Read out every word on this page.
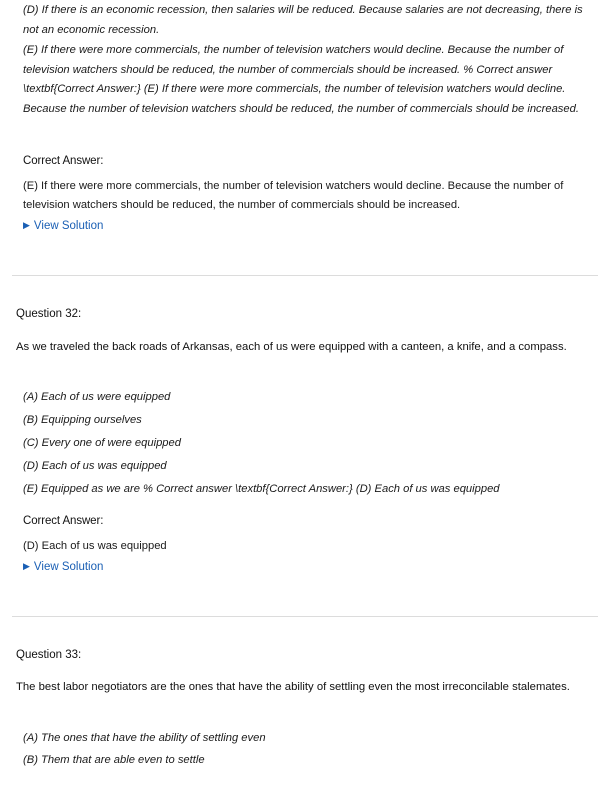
(D) If there is an economic recession, then salaries will be reduced. Because salaries are not decreasing, there is not an economic recession.
(E) If there were more commercials, the number of television watchers would decline. Because the number of television watchers should be reduced, the number of commercials should be increased. % Correct answer \textbf{Correct Answer:} (E) If there were more commercials, the number of television watchers would decline. Because the number of television watchers should be reduced, the number of commercials should be increased.
Correct Answer:
(E) If there were more commercials, the number of television watchers would decline. Because the number of television watchers should be reduced, the number of commercials should be increased.
▶ View Solution
Question 32:
As we traveled the back roads of Arkansas, each of us were equipped with a canteen, a knife, and a compass.
(A) Each of us were equipped
(B) Equipping ourselves
(C) Every one of were equipped
(D) Each of us was equipped
(E) Equipped as we are % Correct answer \textbf{Correct Answer:} (D) Each of us was equipped
Correct Answer:
(D) Each of us was equipped
▶ View Solution
Question 33:
The best labor negotiators are the ones that have the ability of settling even the most irreconcilable stalemates.
(A) The ones that have the ability of settling even
(B) Them that are able even to settle
